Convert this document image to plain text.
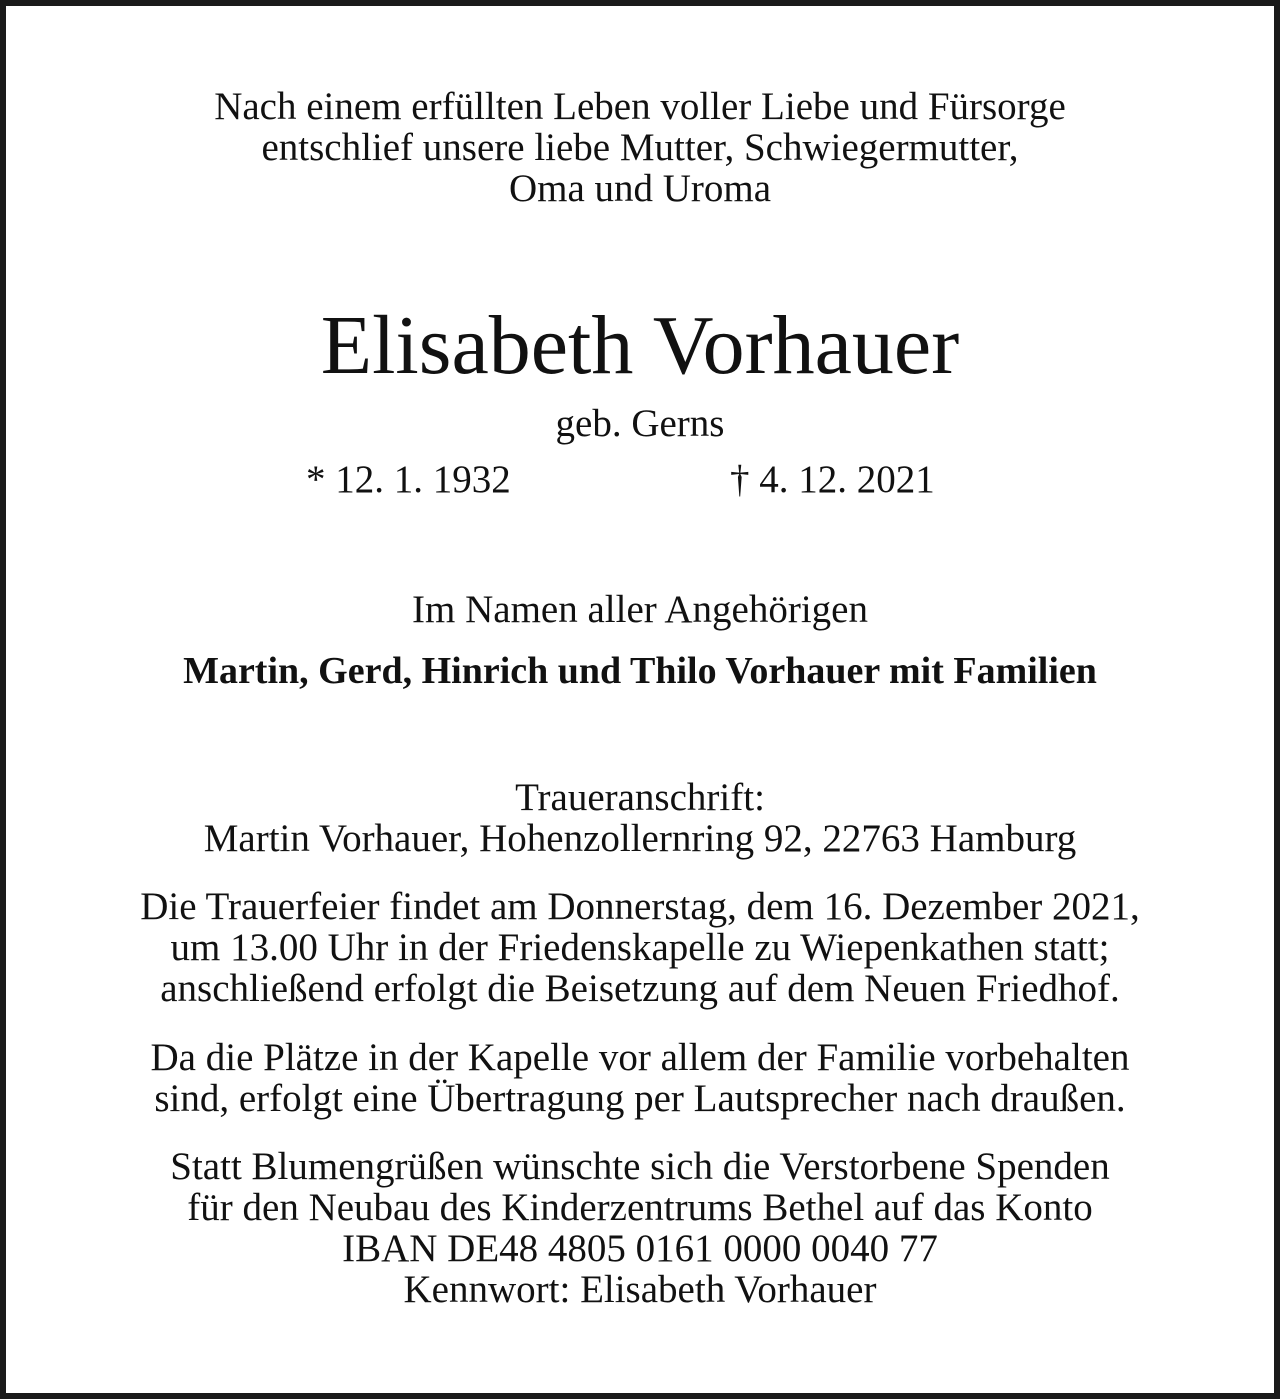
Nach einem erfüllten Leben voller Liebe und Fürsorge
entschlief unsere liebe Mutter, Schwiegermutter,
Oma und Uroma
Elisabeth Vorhauer
geb. Gerns
* 12. 1. 1932	† 4. 12. 2021
Im Namen aller Angehörigen
Martin, Gerd, Hinrich und Thilo Vorhauer mit Familien
Traueranschrift:
Martin Vorhauer, Hohenzollernring 92, 22763 Hamburg
Die Trauerfeier findet am Donnerstag, dem 16. Dezember 2021,
um 13.00 Uhr in der Friedenskapelle zu Wiepenkathen statt;
anschließend erfolgt die Beisetzung auf dem Neuen Friedhof.
Da die Plätze in der Kapelle vor allem der Familie vorbehalten
sind, erfolgt eine Übertragung per Lautsprecher nach draußen.
Statt Blumengrüßen wünschte sich die Verstorbene Spenden
für den Neubau des Kinderzentrums Bethel auf das Konto
IBAN DE48 4805 0161 0000 0040 77
Kennwort: Elisabeth Vorhauer
